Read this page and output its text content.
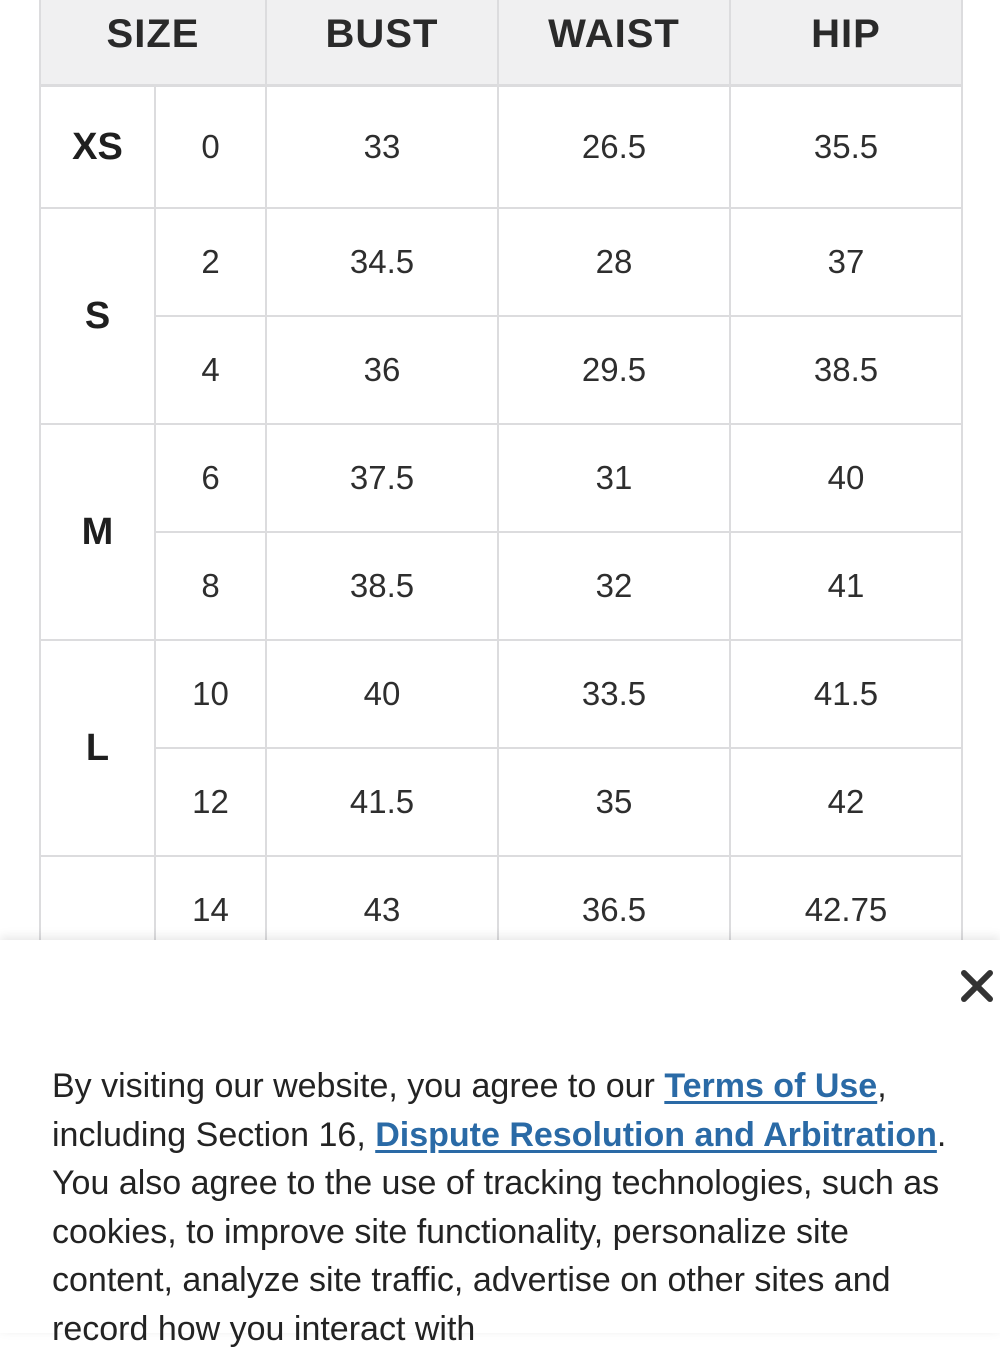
SIZE		BUST	WAIST	HIP
XS	0	33	26.5	35.5
S	2	34.5	28	37
	4	36	29.5	38.5
M	6	37.5	31	40
	8	38.5	32	41
L	10	40	33.5	41.5
	12	41.5	35	42
	14	43	36.5	42.75

By visiting our website, you agree to our Terms of Use, including Section 16, Dispute Resolution and Arbitration. You also agree to the use of tracking technologies, such as cookies, to improve site functionality, personalize site content, analyze site traffic, advertise on other sites and record how you interact with
